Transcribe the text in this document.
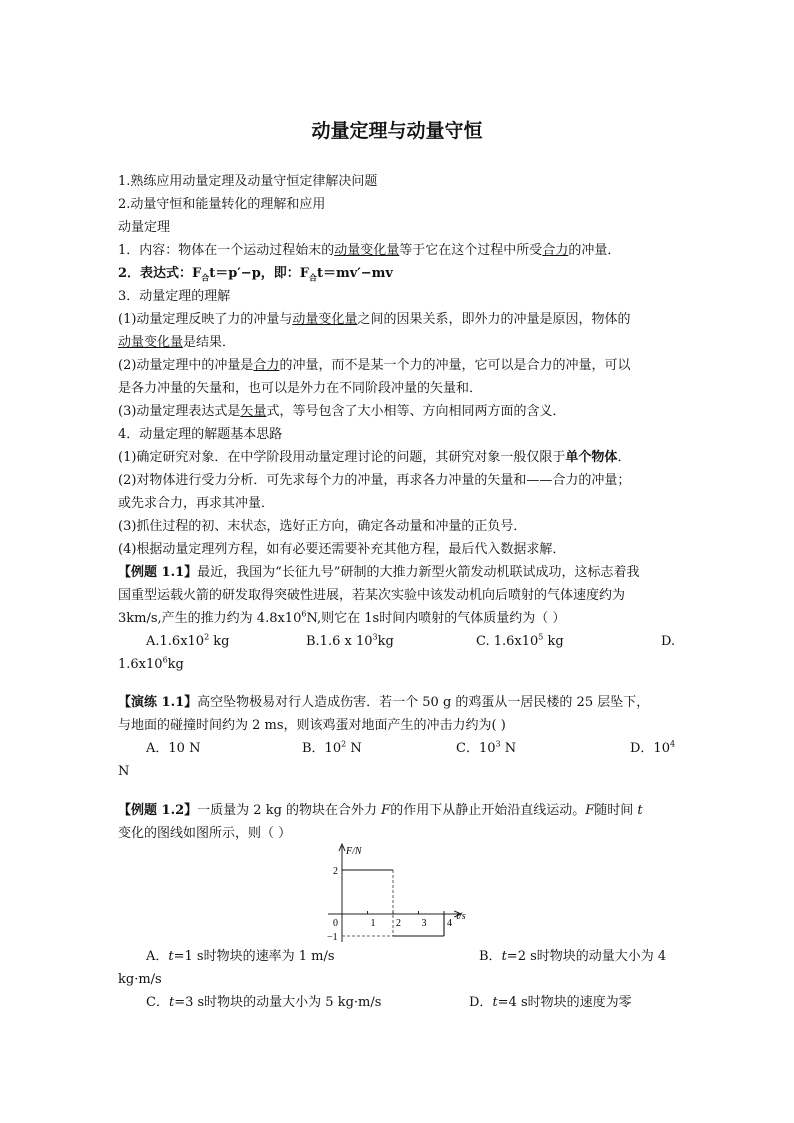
动量定理与动量守恒
1.熟练应用动量定理及动量守恒定律解决问题
2.动量守恒和能量转化的理解和应用
动量定理
1．内容：物体在一个运动过程始末的动量变化量等于它在这个过程中所受合力的冲量．
2．表达式：$F_合t=p'-p$，即：$F_合t=mv'-mv$
3．动量定理的理解
(1)动量定理反映了力的冲量与动量变化量之间的因果关系，即外力的冲量是原因，物体的
动量变化量是结果．
(2)动量定理中的冲量是合力的冲量，而不是某一个力的冲量，它可以是合力的冲量，可以
是各力冲量的矢量和，也可以是外力在不同阶段冲量的矢量和．
(3)动量定理表达式是矢量式，等号包含了大小相等、方向相同两方面的含义．
4．动量定理的解题基本思路
(1)确定研究对象．在中学阶段用动量定理讨论的问题，其研究对象一般仅限于单个物体．
(2)对物体进行受力分析．可先求每个力的冲量，再求各力冲量的矢量和——合力的冲量；
或先求合力，再求其冲量．
(3)抓住过程的初、末状态，选好正方向，确定各动量和冲量的正负号．
(4)根据动量定理列方程，如有必要还需要补充其他方程，最后代入数据求解．
【例题 1.1】最近，我国为“长征九号”研制的大推力新型火箭发动机联试成功，这标志着我
国重型运载火箭的研发取得突破性进展，若某次实验中该发动机向后喷射的气体速度约为
3km/s,产生的推力约为 $4.8x10^6N$,则它在 1s时间内喷射的气体质量约为（ ）
$A.1.6x10^2$ kg	B.1.6 x $10^3kg$	C. $1.6x10^5$ kg	D.
$1.6x10^6kg$
【演练 1.1】高空坠物极易对行人造成伤害．若一个 50 g 的鸡蛋从一居民楼的 25 层坠下，
与地面的碰撞时间约为 2 ms，则该鸡蛋对地面产生的冲击力约为( )
A．10 N	B．$10^2$ N	C．$10^3$ N	D．$10^4$
N
【例题 1.2】一质量为 2 kg 的物块在合外力 F的作用下从静止开始沿直线运动。F随时间 t
变化的图线如图所示，则（ ）
F/N
t/s
0	1 2 3 4
2
−1
A．t=1 s时物块的速率为 1 m/s	B．t=2 s时物块的动量大小为 4
kg·m/s
C．t=3 s时物块的动量大小为 5 kg·m/s	D．t=4 s时物块的速度为零
